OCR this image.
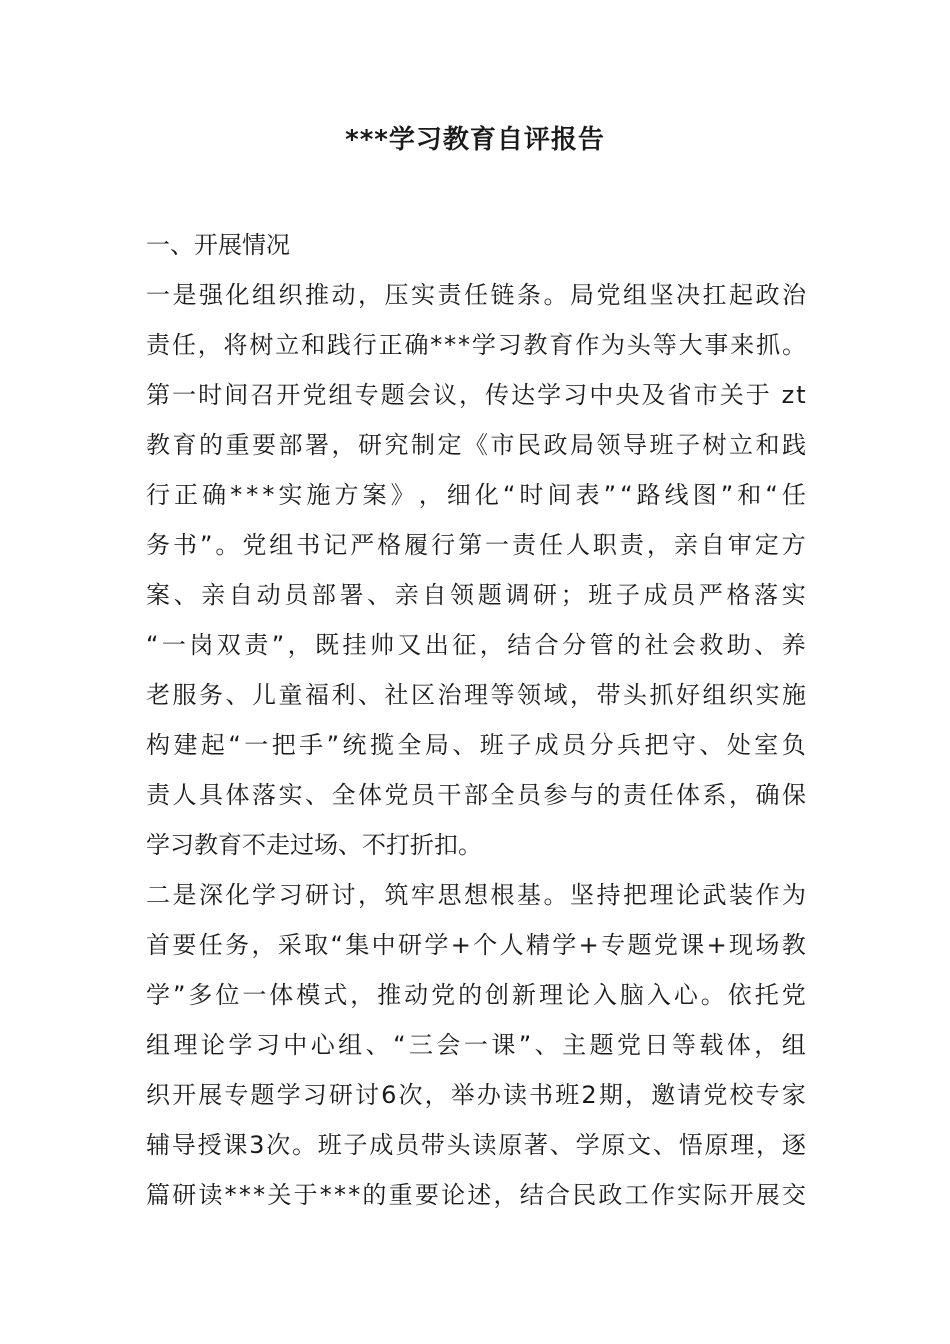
***学习教育自评报告
一、开展情况
一 是 强 化 组 织 推 动 ， 压 实 责 任 链 条 。 局 党 组 坚 决 扛 起 政 治
责 任 ， 将 树 立 和 践 行 正 确 * * * 学 习 教 育 作 为 头 等 大 事 来 抓 。
第 一 时 间 召 开 党 组 专 题 会 议 ， 传 达 学 习 中 央 及 省 市 关 于
z t
教 育 的 重 要 部 署 ， 研 究 制 定 《 市 民 政 局 领 导 班 子 树 立 和 践
行 正 确 * * * 实 施 方 案 》 ， 细 化 “ 时 间 表 ” “ 路 线 图 ” 和 “ 任
务 书 ” 。 党 组 书 记 严 格 履 行 第 一 责 任 人 职 责 ， 亲 自 审 定 方
案 、 亲 自 动 员 部 署 、 亲 自 领 题 调 研 ； 班 子 成 员 严 格 落 实
“ 一 岗 双 责 ” ， 既 挂 帅 又 出 征 ， 结 合 分 管 的 社 会 救 助 、 养
老 服 务 、 儿 童 福 利 、 社 区 治 理 等 领 域 ， 带 头 抓 好 组 织 实 施
构 建 起 “ 一 把 手 ” 统 揽 全 局 、 班 子 成 员 分 兵 把 守 、 处 室 负
责 人 具 体 落 实 、 全 体 党 员 干 部 全 员 参 与 的 责 任 体 系 ， 确 保
学习教育不走过场、不打折扣。
二 是 深 化 学 习 研 讨 ， 筑 牢 思 想 根 基 。 坚 持 把 理 论 武 装 作 为
首 要 任 务 ， 采 取 “ 集 中 研 学 + 个 人 精 学 + 专 题 党 课 + 现 场 教
学 ” 多 位 一 体 模 式 ， 推 动 党 的 创 新 理 论 入 脑 入 心 。 依 托 党
组 理 论 学 习 中 心 组 、 “ 三 会 一 课 ” 、 主 题 党 日 等 载 体 ， 组
织 开 展 专 题 学 习 研 讨 6 次 ， 举 办 读 书 班 2 期 ， 邀 请 党 校 专 家
辅 导 授 课 3 次 。 班 子 成 员 带 头 读 原 著 、 学 原 文 、 悟 原 理 ， 逐
篇 研 读 * * * 关 于 * * * 的 重 要 论 述 ， 结 合 民 政 工 作 实 际 开 展 交
